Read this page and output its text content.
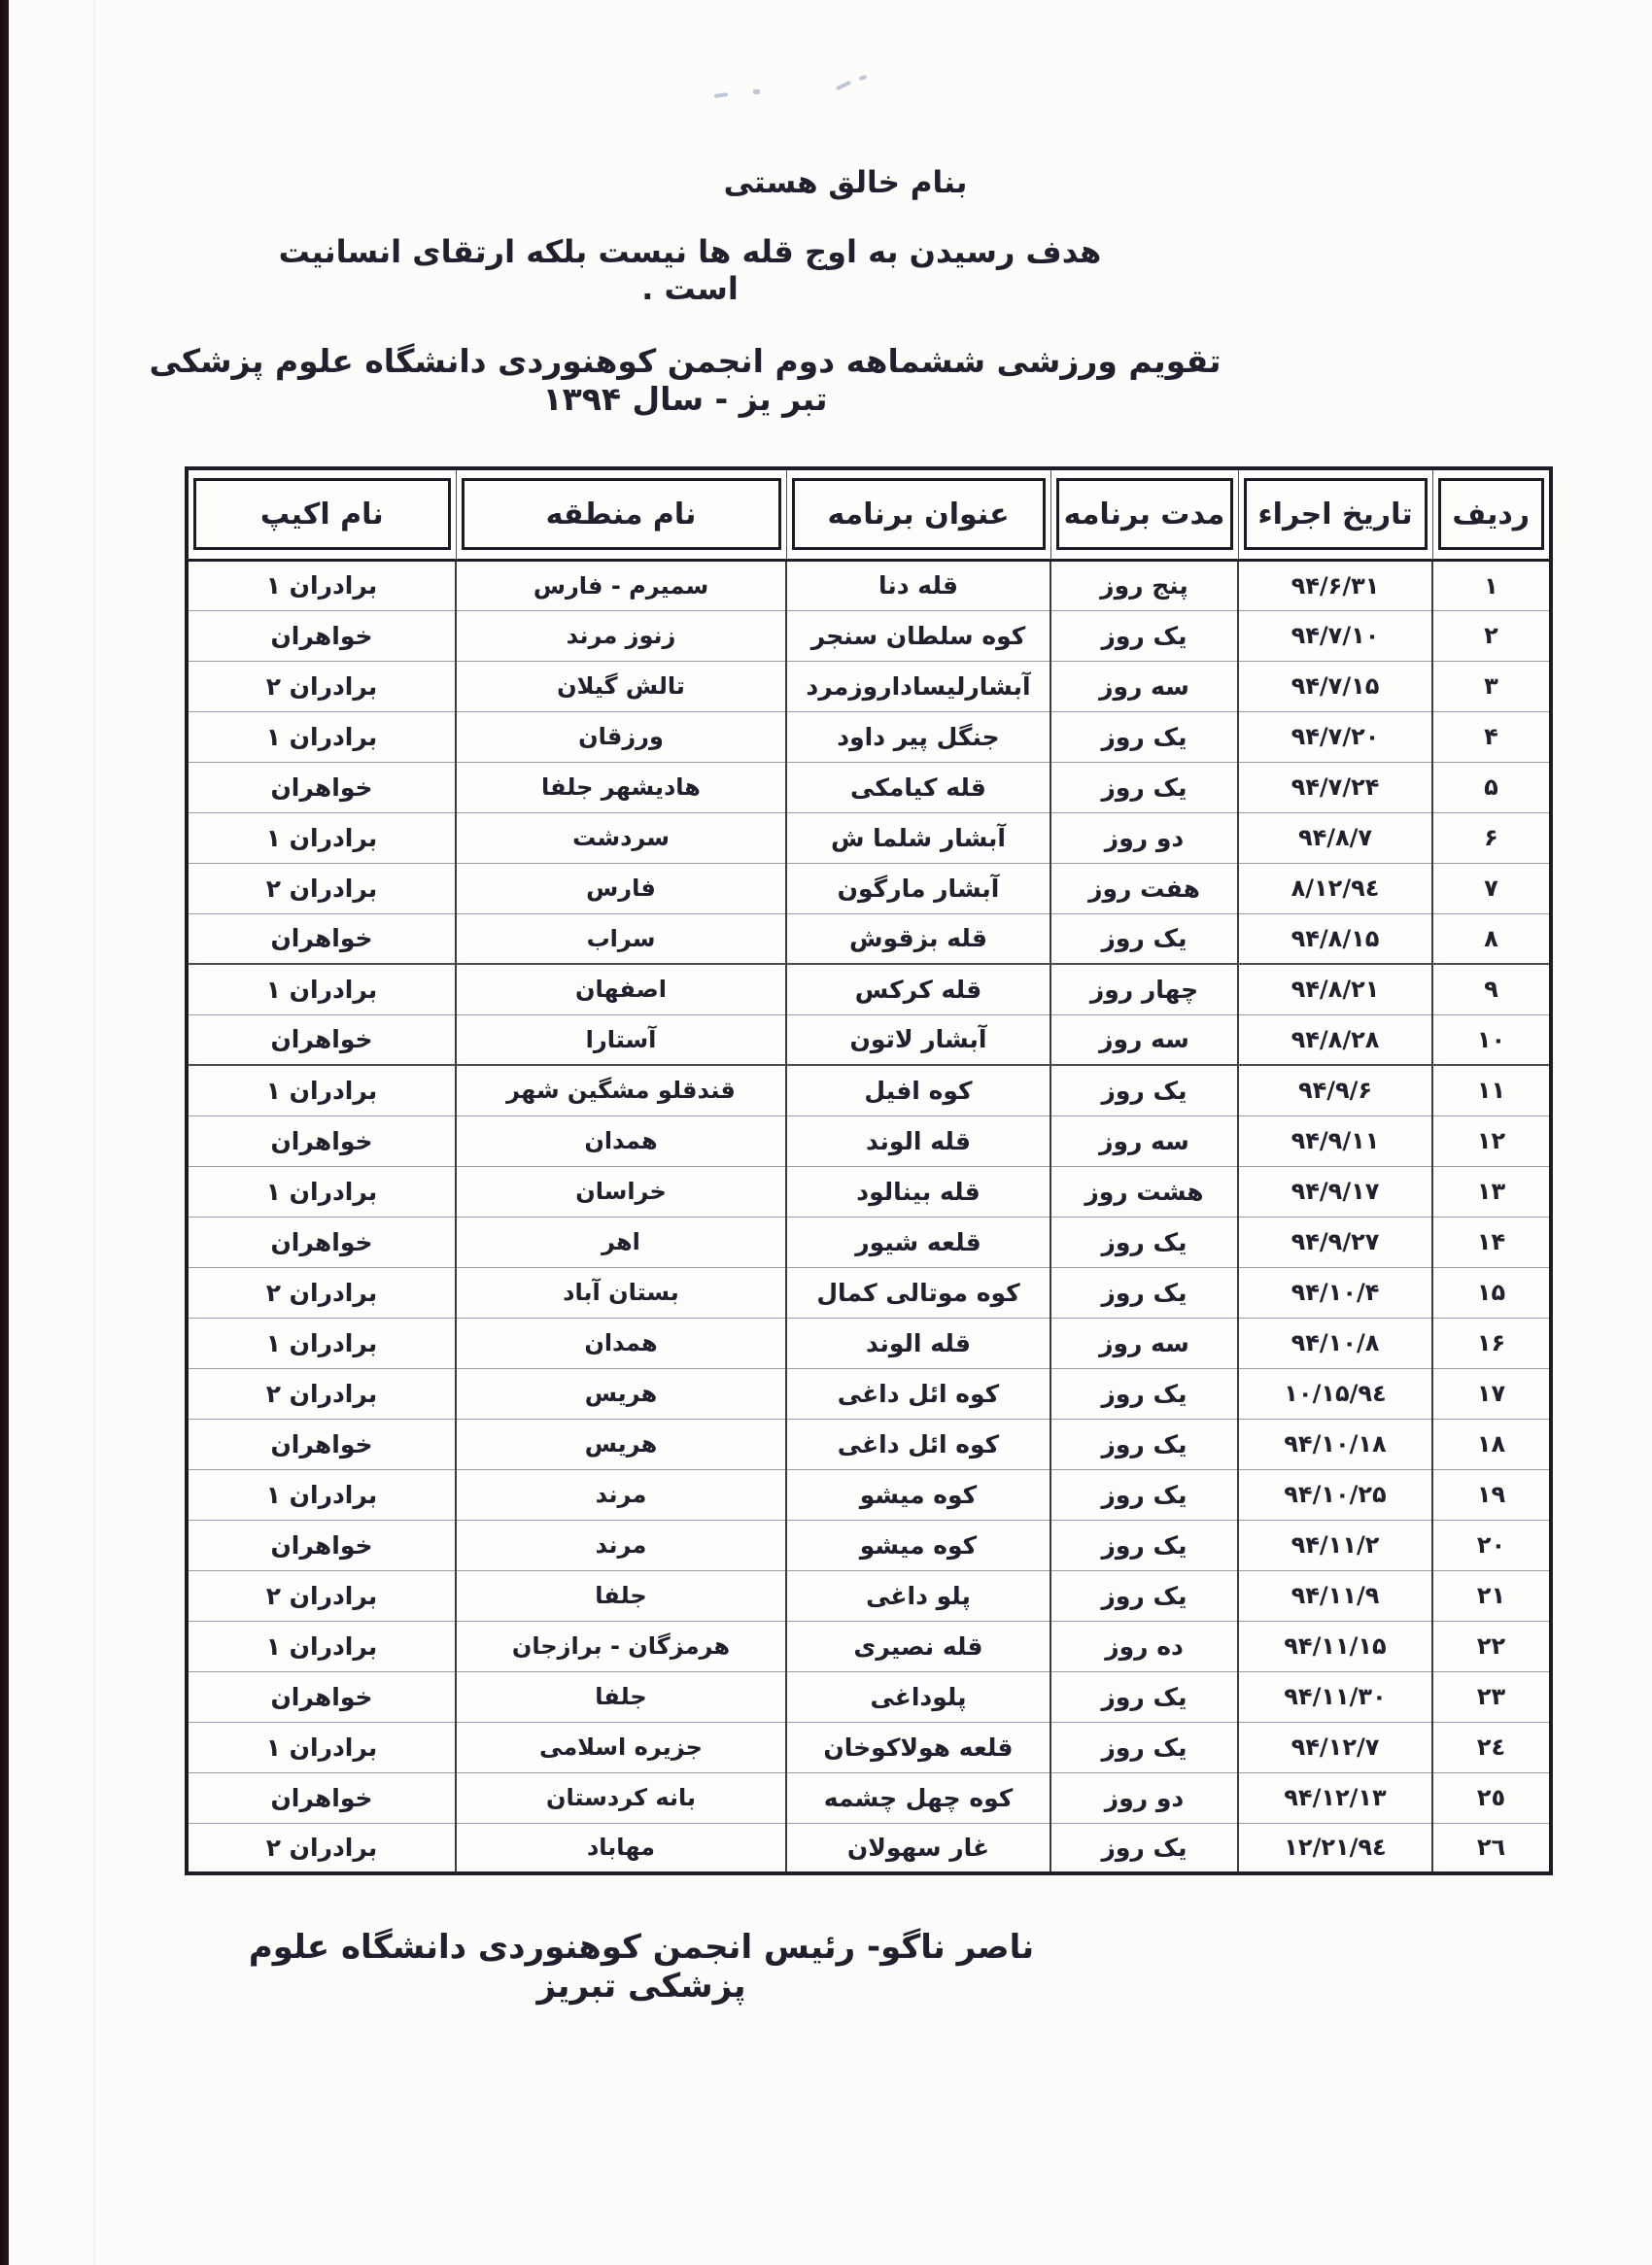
بنام خالق هستی
هدف رسیدن به اوج قله ها نیست بلکه ارتقای انسانیت است .
تقویم ورزشی ششماهه دوم انجمن کوهنوردی دانشگاه علوم پزشکی تبر یز - سال ۱۳۹۴
ردیف	تاریخ اجراء	مدت برنامه	عنوان برنامه	نام منطقه	نام اکیپ

۱	۹۴/۶/۳۱	پنج روز	قله دنا	سمیرم - فارس	برادران ۱
۲	۹۴/۷/۱۰	یک روز	کوه سلطان سنجر	زنوز مرند	خواهران
۳	۹۴/۷/۱۵	سه روز	آبشارلیساداروزمرد	تالش گیلان	برادران ۲
۴	۹۴/۷/۲۰	یک روز	جنگل پیر داود	ورزقان	برادران ۱
۵	۹۴/۷/۲۴	یک روز	قله کیامکی	هادیشهر جلفا	خواهران
۶	۹۴/۸/۷	دو روز	آبشار شلما ش	سردشت	برادران ۱
۷	۹٤/۸/۱۲	هفت روز	آبشار مارگون	فارس	برادران ۲
۸	۹۴/۸/۱۵	یک روز	قله بزقوش	سراب	خواهران
۹	۹۴/۸/۲۱	چهار روز	قله کرکس	اصفهان	برادران ۱
۱۰	۹۴/۸/۲۸	سه روز	آبشار لاتون	آستارا	خواهران
۱۱	۹۴/۹/۶	یک روز	کوه افیل	قندقلو مشگین شهر	برادران ۱
۱۲	۹۴/۹/۱۱	سه روز	قله الوند	همدان	خواهران
۱۳	۹۴/۹/۱۷	هشت روز	قله بینالود	خراسان	برادران ۱
۱۴	۹۴/۹/۲۷	یک روز	قلعه شیور	اهر	خواهران
۱۵	۹۴/۱۰/۴	یک روز	کوه موتالی کمال	بستان آباد	برادران ۲
۱۶	۹۴/۱۰/۸	سه روز	قله الوند	همدان	برادران ۱
۱۷	۹٤/۱۰/۱۵	یک روز	کوه ائل داغی	هریس	برادران ۲
۱۸	۹۴/۱۰/۱۸	یک روز	کوه ائل داغی	هریس	خواهران
۱۹	۹۴/۱۰/۲۵	یک روز	کوه میشو	مرند	برادران ۱
۲۰	۹۴/۱۱/۲	یک روز	کوه میشو	مرند	خواهران
۲۱	۹۴/۱۱/۹	یک روز	پلو داغی	جلفا	برادران ۲
۲۲	۹۴/۱۱/۱۵	ده روز	قله نصیری	هرمزگان - برازجان	برادران ۱
۲۳	۹۴/۱۱/۳۰	یک روز	پلوداغی	جلفا	خواهران
۲٤	۹۴/۱۲/۷	یک روز	قلعه هولاکوخان	جزیره اسلامی	برادران ۱
۲٥	۹۴/۱۲/۱۳	دو روز	کوه چهل چشمه	بانه کردستان	خواهران
۲٦	۹٤/۱۲/۲۱	یک روز	غار سهولان	مهاباد	برادران ۲
ناصر ناگو- رئیس انجمن کوهنوردی دانشگاه علوم پزشکی تبریز
